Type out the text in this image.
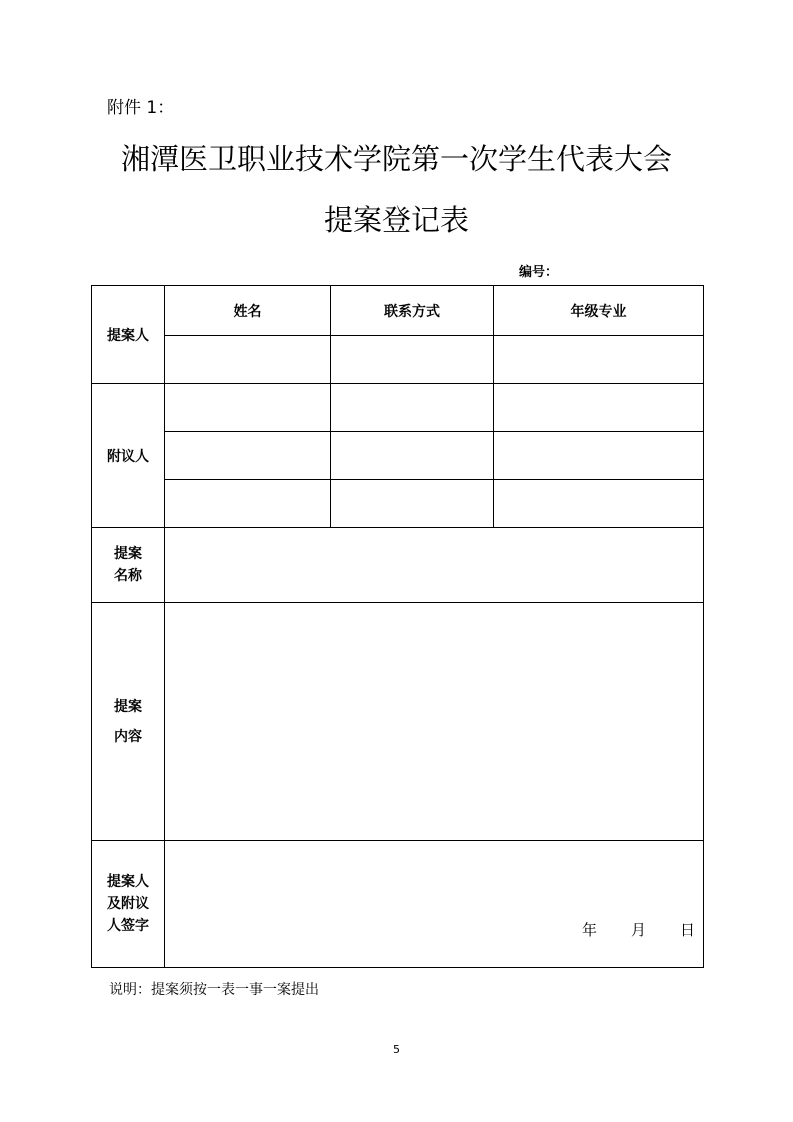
附件 1：
湘潭医卫职业技术学院第一次学生代表大会
提案登记表
编号：
提案人	姓名	联系方式	年级专业

附议人			

提案
名称			

提案
内容			

提案人
及附议
人签字	年 月 日		
说明：提案须按一表一事一案提出
5
